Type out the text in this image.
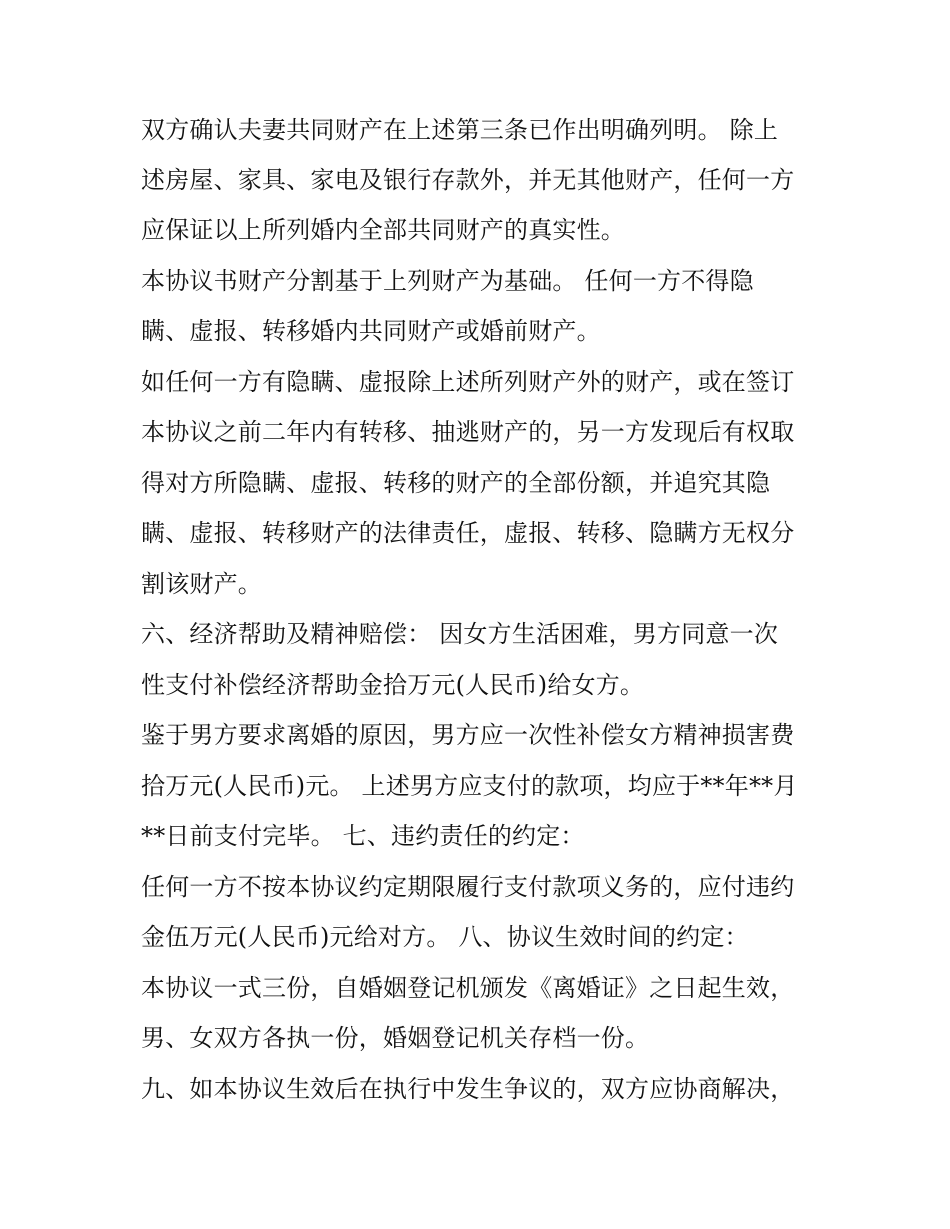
双方确认夫妻共同财产在上述第三条已作出明确列明。 除上
述房屋、家具、家电及银行存款外，并无其他财产，任何一方
应保证以上所列婚内全部共同财产的真实性。
本协议书财产分割基于上列财产为基础。 任何一方不得隐
瞒、虚报、转移婚内共同财产或婚前财产。
如任何一方有隐瞒、虚报除上述所列财产外的财产，或在签订
本协议之前二年内有转移、抽逃财产的，另一方发现后有权取
得对方所隐瞒、虚报、转移的财产的全部份额，并追究其隐
瞒、虚报、转移财产的法律责任，虚报、转移、隐瞒方无权分
割该财产。
六、经济帮助及精神赔偿： 因女方生活困难，男方同意一次
性支付补偿经济帮助金拾万元(人民币)给女方。
鉴于男方要求离婚的原因，男方应一次性补偿女方精神损害费
拾万元(人民币)元。 上述男方应支付的款项，均应于**年**月
**日前支付完毕。 七、违约责任的约定：
任何一方不按本协议约定期限履行支付款项义务的，应付违约
金伍万元(人民币)元给对方。 八、协议生效时间的约定：
本协议一式三份，自婚姻登记机颁发《离婚证》之日起生效，
男、女双方各执一份，婚姻登记机关存档一份。
九、如本协议生效后在执行中发生争议的，双方应协商解决，
